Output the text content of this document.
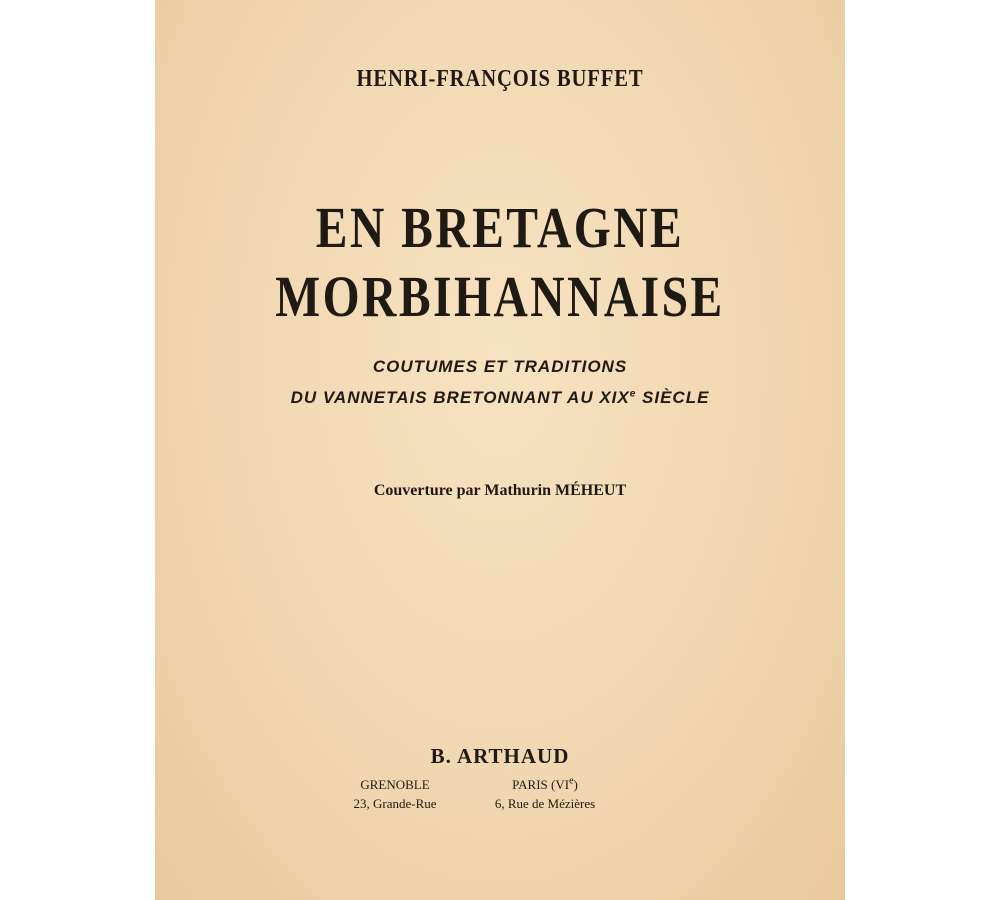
HENRI-FRANÇOIS BUFFET
EN BRETAGNE
MORBIHANNAISE
COUTUMES ET TRADITIONS
DU VANNETAIS BRETONNANT AU XIXe SIÈCLE
Couverture par Mathurin MÉHEUT
B. ARTHAUD
GRENOBLE
23, Grande-Rue
PARIS (VIe)
6, Rue de Mézières
